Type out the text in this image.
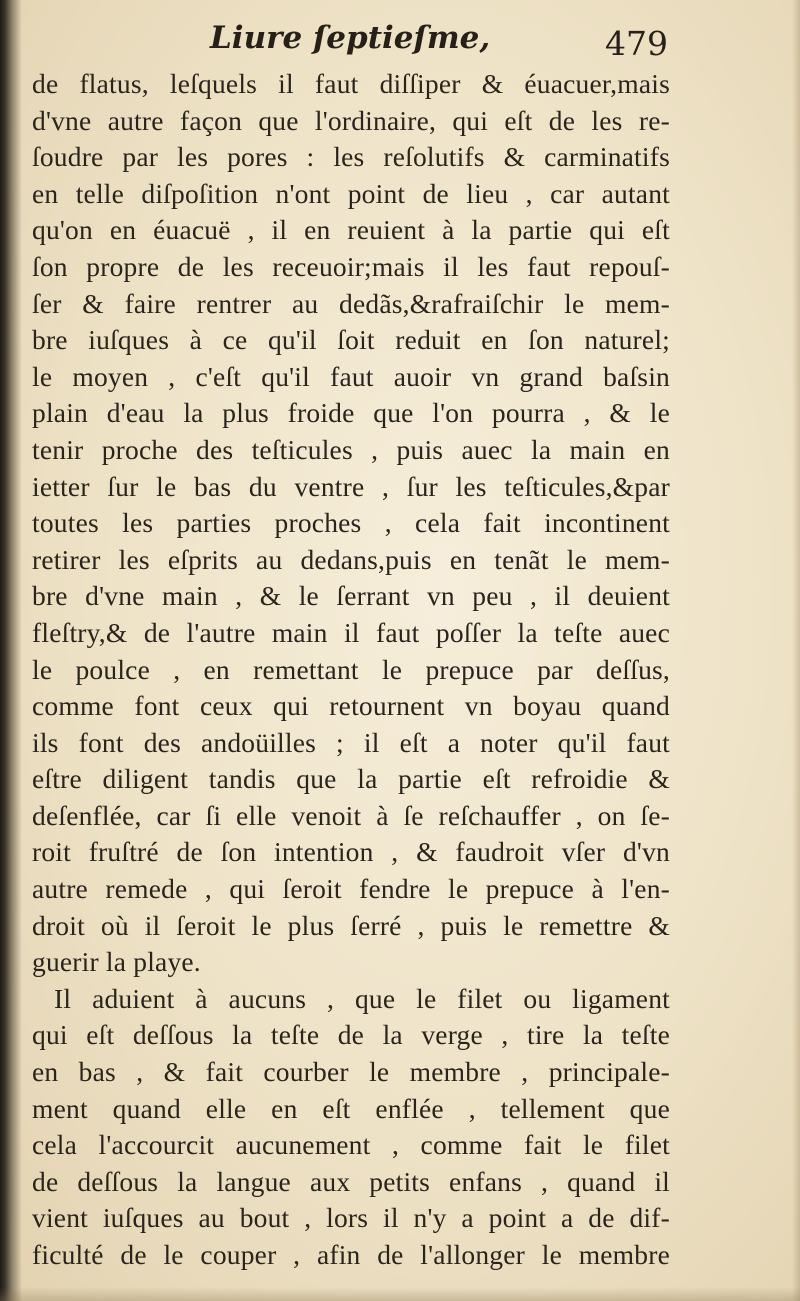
Liure ſeptieſme,	479
de flatus, leſquels il faut diſſiper & éuacuer,mais
d'vne autre façon que l'ordinaire, qui eſt de les re-
ſoudre par les pores : les reſolutifs & carminatifs
en telle diſpoſition n'ont point de lieu , car autant
qu'on en éuacuë , il en reuient à la partie qui eſt
ſon propre de les receuoir;mais il les faut repouſ-
ſer & faire rentrer au dedãs,&rafraiſchir le mem-
bre iuſques à ce qu'il ſoit reduit en ſon naturel;
le moyen , c'eſt qu'il faut auoir vn grand baſsin
plain d'eau la plus froide que l'on pourra , & le
tenir proche des teſticules , puis auec la main en
ietter ſur le bas du ventre , ſur les teſticules,&par
toutes les parties proches , cela fait incontinent
retirer les eſprits au dedans,puis en tenãt le mem-
bre d'vne main , & le ſerrant vn peu , il deuient
fleſtry,& de l'autre main il faut poſſer la teſte auec
le poulce , en remettant le prepuce par deſſus,
comme font ceux qui retournent vn boyau quand
ils font des andoüilles ; il eſt a noter qu'il faut
eſtre diligent tandis que la partie eſt refroidie &
deſenflée, car ſi elle venoit à ſe reſchauffer , on ſe-
roit fruſtré de ſon intention , & faudroit vſer d'vn
autre remede , qui ſeroit fendre le prepuce à l'en-
droit où il ſeroit le plus ſerré , puis le remettre &
guerir la playe.
Il aduient à aucuns , que le filet ou ligament
qui eſt deſſous la teſte de la verge , tire la teſte
en bas , & fait courber le membre , principale-
ment quand elle en eſt enflée , tellement que
cela l'accourcit aucunement , comme fait le filet
de deſſous la langue aux petits enfans , quand il
vient iuſques au bout , lors il n'y a point a de dif-
ficulté de le couper , afin de l'allonger le membre
